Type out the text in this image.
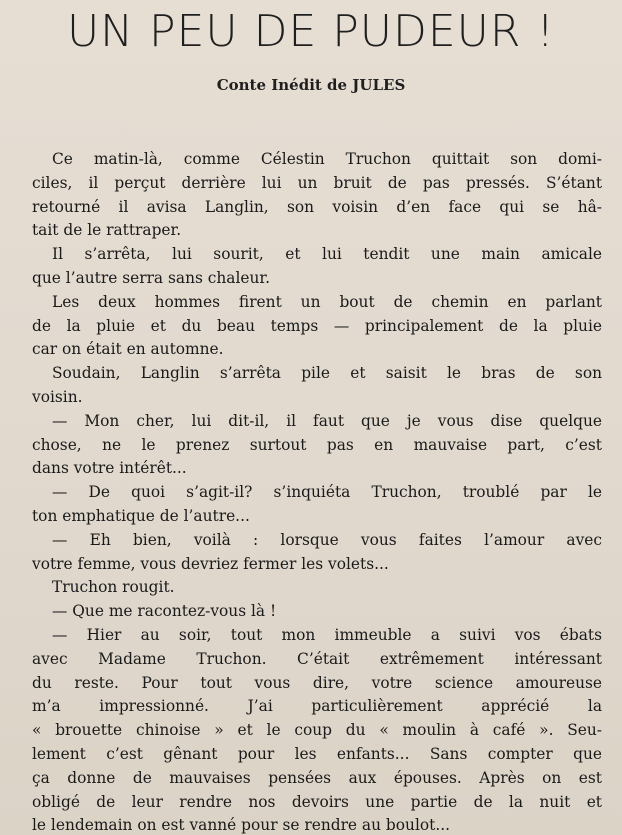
UN PEU DE PUDEUR !
Conte Inédit de JULES
Ce matin-là, comme Célestin Truchon quittait son domi-
ciles, il perçut derrière lui un bruit de pas pressés. S’étant
retourné il avisa Langlin, son voisin d’en face qui se hâ-
tait de le rattraper.
Il s’arrêta, lui sourit, et lui tendit une main amicale
que l’autre serra sans chaleur.
Les deux hommes firent un bout de chemin en parlant
de la pluie et du beau temps — principalement de la pluie
car on était en automne.
Soudain, Langlin s’arrêta pile et saisit le bras de son
voisin.
— Mon cher, lui dit-il, il faut que je vous dise quelque
chose, ne le prenez surtout pas en mauvaise part, c’est
dans votre intérêt...
— De quoi s’agit-il? s’inquiéta Truchon, troublé par le
ton emphatique de l’autre...
— Eh bien, voilà : lorsque vous faites l’amour avec
votre femme, vous devriez fermer les volets...
Truchon rougit.
— Que me racontez-vous là !
— Hier au soir, tout mon immeuble a suivi vos ébats
avec Madame Truchon. C’était extrêmement intéressant
du reste. Pour tout vous dire, votre science amoureuse
m’a impressionné. J’ai particulièrement apprécié la
« brouette chinoise » et le coup du « moulin à café ». Seu-
lement c’est gênant pour les enfants... Sans compter que
ça donne de mauvaises pensées aux épouses. Après on est
obligé de leur rendre nos devoirs une partie de la nuit et
le lendemain on est vanné pour se rendre au boulot...
